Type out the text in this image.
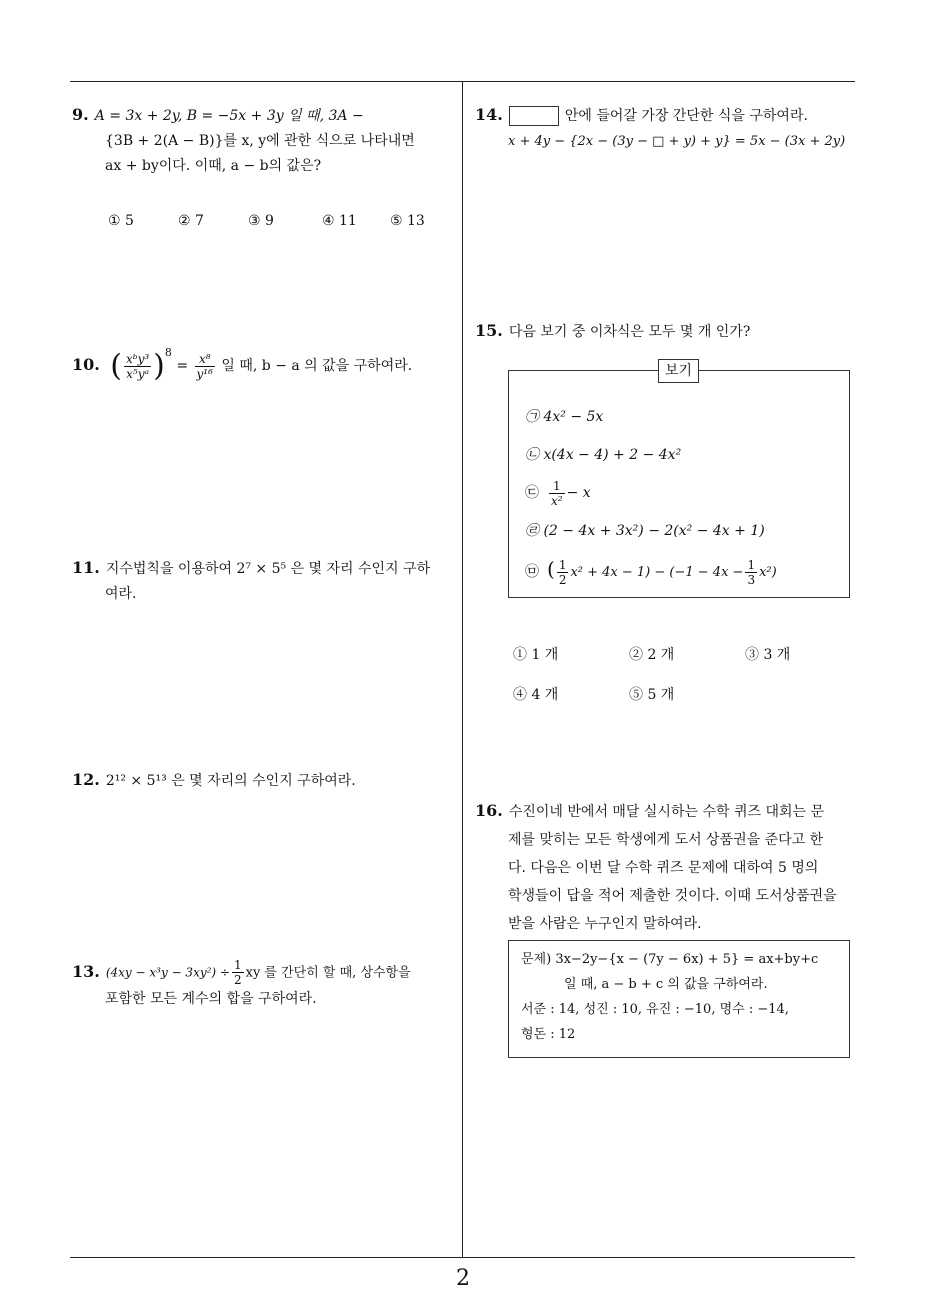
9. A = 3x + 2y, B = −5x + 3y 일 때, 3A −
{3B + 2(A − B)}를 x, y에 관한 식으로 나타내면
ax + by이다. 이때, a − b의 값은?
① 5	② 7	③ 9	④ 11 ⑤ 13
10. ( $\frac{\text{xᵇy³}}{\text{x⁵yᵃ}} )^8 = \frac{\text{x⁸}}{\text{y¹⁶}}$ 일 때, b − a 의 값을 구하여라.
11. 지수법칙을 이용하여 2⁷ × 5⁵ 은 몇 자리 수인지 구하
여라.
12. 2¹² × 5¹³ 은 몇 자리의 수인지 구하여라.
13. $(4xy - x^3y - 3xy^2) \div \frac{1}{2}$ xy 를 간단히 할 때, 상수항을
포함한 모든 계수의 합을 구하여라.
14.	안에 들어갈 가장 간단한 식을 구하여라.
x + 4y − {2x − (3y − □ + y) + y} = 5x − (3x + 2y)
15. 다음 보기 중 이차식은 모두 몇 개 인가?
보기
㉠ 4x² − 5x
㉡ x(4x − 4) + 2 − 4x²
㉢ $\frac{1}{\text{x²}} - x$
㉣ (2 − 4x + 3x²) − 2(x² − 4x + 1)
㉤ ( $\frac{1}{2} x^2 + 4x - 1) - (-1 - 4x - \frac{1}{3} x^2)$
① 1 개	② 2 개	③ 3 개
④ 4 개	⑤ 5 개
16. 수진이네 반에서 매달 실시하는 수학 퀴즈 대회는 문
제를 맞히는 모든 학생에게 도서 상품권을 준다고 한
다. 다음은 이번 달 수학 퀴즈 문제에 대하여 5 명의
학생들이 답을 적어 제출한 것이다. 이때 도서상품권을
받을 사람은 누구인지 말하여라.
문제) 3x−2y−{x − (7y − 6x) + 5} = ax+by+c
일 때, a − b + c 의 값을 구하여라.
서준 : 14, 성진 : 10, 유진 : −10, 명수 : −14,
형돈 : 12
2
